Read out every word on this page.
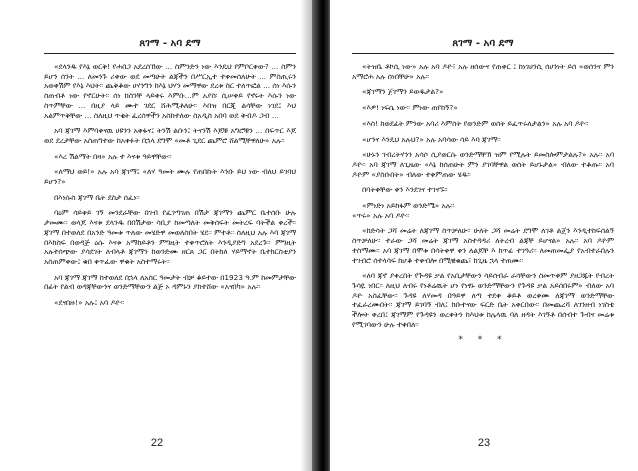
ጸገማ - አባ ደማ

«ደላንዱ የእኔ ወርቅ! የሐበጋ አደረሰኸው ... ስምንድን ነው እንዴህ የምቦርቀው? ... ስምን ይሆን ሰንት ... ለመንጉ ሪቀው ወደ መጣሁት ልጃችን በሥርኢተ ተቀመሰለሁት ... ምስጢሩን አወቀሽም የእኔ እህት፡፡ ጨቅቆው ሀሃንግን ከእኔ ህሃን መማዋው ደረቱ ስር ተለጥፎል ... ሰነ እሱን ስጠብቶ ነው የኖርሁት፡፡ ሰነ ከስንቸ ላይቀሩ እምቡ...ም አያስ፡ ሲሠቀይ የኖሩት እሱን ነው ስጥምቸው ... በዚያ ላይ ሙተ ገደር ሸሕሚቶለሁ፡፡ እበዝ በርጂ ልሳቸው ነገደ፤ እህ አልምጥቅቸው ... ስለዚህ ጥቂት ፈረሰዋችን አስከተለው ስአዲስ አበባ ወደ ቅብዶ ጋብ ...

አባ ጃገማ እምባቀናዉ ሀዩንን አቀፋና፤ ትንሽ ልቡን፤ ትናንሽ እጆቹ አግሮቹን ... በፍጥር እጆ ወደ ደረታቸው አስጠግተው ከአቀፉት በኋላ ደግሞ «መቶ ጊደር ጨምሮ ሸልሚቸዋለሁ» አሉ፡፡

«እረ ሽልማት በዛ» አሉ ተ እናቱ ዓይዋቸው፡፡

«ለማህ ወይ!» አሉ አባ ጃገማ፤ «ለሃ ዓመት ሙሉ የጠበኩት እንቡ ይህ ነው ብለህ ይገባህ ይሆን?»

በእነሱስ ጃገማ ቤት ደስታ ሰፈነ፡፡

ባዕም ሳይቀይ ገኝ መንደራቸው በገብ የፈገጣገጠ በሽታ ጃገማን ጨምር ቤተሰቡ ሁሉ ታመሙ፡፡ ወላጆ እናቱ ደላንዱ በበሽታው ሳቢያ ከመጣለት መቅሰፍት መትረፍ ባትችል ቀረች፡፡ ጃገማ በተወለደ በአንድ ዓመቱ ጥለው መሄድዋ መወለስበት ሄደ። ምተቶ። ስለዚህ አሉ እባ ጃገማ በእክስፍ በወዳጅ ዕሱ እናቱ አማከይቶን ምግዚት ተቀጥሮለት እንዲያድግ አደረጉ፡፡ ምግዚት አሉተሰጭው ያሳደገት ለብላቶ ጃገማን ከወንድሙ ዘርጸ ጋር በትክለ ሃይማኖት ቤተክርስቲያን አስጠምቀው፤ ቁበ ቀጥፈው ዋቁት አስተማሩት፡፡

አባ ጃገማ ጃገማ ከተወለደ በኋላ ለአስር ዓመታት ብቻ ቆይተው በ1923 ዓ.ም ከመምታቸው በፊት የልብ ወዳጃቸውንና ወንድማቸውን ልጅ ኦ ዳምኑን ያከተሸው «አናበካ» አሉ፡፡

«ደናበዙ!» አሉ፤ አባ ዶዮ፡፡

22
ጸገማ - አባ ደማ

«ትዝቤ ቶኮሲ ነው» አሉ አባ ዶዮ፣ አሉ ዘሰውና የጠቀር ፤ ከነገሀንሲ ሰሀንነት ይሰ «ወሰንና ምን አማሮሐ አሉ ሰነበቸሁ» አሉ፡፡

«ጃገማን ጀገማን ይወዱታል?»

«እዎ! ነፍሴ ነው፡፡ ምነው ጠየከኝ?»

«እስ! ከወደፊት ምንው አባሪ እምስት የወንድም ወሰት ይፈጥሩለታልን» አሉ አባ ዶዮ፡፡

«ሆንና እንዴህ አሉህ?» አሉ አባሳው ሳይ እባ ጃገማ፡፡

«ሁኑን ገብረትሃንን አሳሶ ሲያወርሱ ወንድማቸኽ ዝም የሚሉት ይመስሎምታልሉ?» አሉ፡፡ አባ ዶዮ፡፡ አባ ጃገማ ለጊዜው «እኔ ከሰጠሁት ምን ያገባቸዋል ወሰት ይሆኑታል» ብለው ተቆጡ፡፡ አባ ዶዮም «ያስቡበት» ብለው ተቀምጠው ሄዱ፡፡

በባትቀቸው ቀን እንደገና ተገናኙ፡፡

«ምነድነ አይከፋም ወንድሜ» አሉ፡፡
«ጥሩ» አሉ አባ ዶዮ፡፡

«ከድሳት ጋሻ መሬት ለጃገማ ስጥቻለሁ፡፡ ሁለት ጋሻ መሬት ደግሞ ለገቶ ልጄን እንዲተከፍሰልኝ ስጥቻለሁ፡፡ ተራው ጋሻ መሬት ጃገማ አስተዳዳሪ ለትረብ ልጃቸ ይሆናል» አሉ፡፡ አባ ዶዮም ተስማሙ፡፡ አባ ጃገማ በሞቱ በሳትቀዋ ቀን ለልጆቸ እ ከጥፊ ተገዓሪ፡፡ ለመጠመፌያ የአብተራበሉን ተገብሮ ሰተላሳፍ ከሆቆ ተቀብሎ በሚቼቁጨ፣ ከጊዜ ኋላ ተጠሙ፡፡

«ለባ ጃኖ ያቀረበት የጕዳዩ ቃል የአቢታቸውን ሳይሰብራ ራሳቸውን ስመጥቀም ያዘጋጁት የብረት ጉሳዬ ነበር፡፡ ለዚህ ለብሩ የነቶሬዉት ሆነ የነፃኑ ወንድማቸውን የጉዳዩ ቃል አይሰበሩም» ብለው አባ ዶዮ አስፈቸው፡፡ ጉዳዩ ለሃመዳ በዓይዋ ለጣ ተደቀ ቆይቶ ወረቀሙ ለጃገማ ወንድማቸው ተፈራረሙበት፡፡ ጃገማ ይገባኝ ብለ፤ ክቡተናው ፍርድ ቤት አቀርበው፡፡ በመጨረሻ ለገንዘብ ነገስቴ ችሎት ቀረበ፤ ጃገማም የጉዳዩን ወረቀትን ከእህቱ ከሌላዉ ባለ ዘዳት እገኝቶ በሰብተ ጉብና መሬቱ የሚገባውን ሁሉ ተቀበለ፡፡

* * *
23
